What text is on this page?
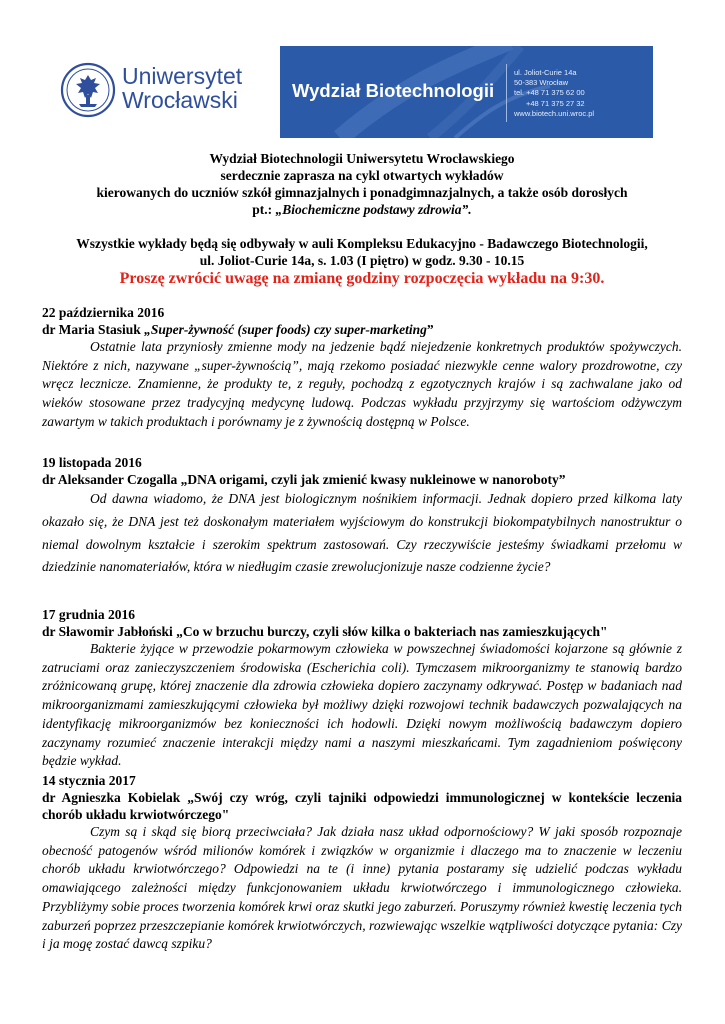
Uniwersytet
Wrocławski	Wydział Biotechnologii
ul. Joliot-Curie 14a
50-383 Wrocław
tel. +48 71 375 62 00
+48 71 375 27 32
www.biotech.uni.wroc.pl

Wydział Biotechnologii Uniwersytetu Wrocławskiego

serdecznie zaprasza na cykl otwartych wykładów

kierowanych do uczniów szkół gimnazjalnych i ponadgimnazjalnych, a także osób dorosłych

pt.: „Biochemiczne podstawy zdrowia”.

Wszystkie wykłady będą się odbywały w auli Kompleksu Edukacyjno - Badawczego Biotechnologii,

ul. Joliot-Curie 14a, s. 1.03 (I piętro) w godz. 9.30 - 10.15

Proszę zwrócić uwagę na zmianę godziny rozpoczęcia wykładu na 9:30.

22 października 2016

dr Maria Stasiuk „Super-żywność (super foods) czy super-marketing”

Ostatnie lata przyniosły zmienne mody na jedzenie bądź niejedzenie konkretnych produktów spożywczych. Niektóre z nich, nazywane „super-żywnością”, mają rzekomo posiadać niezwykle cenne walory prozdrowotne, czy wręcz lecznicze. Znamienne, że produkty te, z reguły, pochodzą z egzotycznych krajów i są zachwalane jako od wieków stosowane przez tradycyjną medycynę ludową. Podczas wykładu przyjrzymy się wartościom odżywczym zawartym w takich produktach i porównamy je z żywnością dostępną w Polsce.

19 listopada 2016

dr Aleksander Czogalla „DNA origami, czyli jak zmienić kwasy nukleinowe w nanoroboty”

Od dawna wiadomo, że DNA jest biologicznym nośnikiem informacji. Jednak dopiero przed kilkoma laty okazało się, że DNA jest też doskonałym materiałem wyjściowym do konstrukcji biokompatybilnych nanostruktur o niemal dowolnym kształcie i szerokim spektrum zastosowań. Czy rzeczywiście jesteśmy świadkami przełomu w dziedzinie nanomateriałów, która w niedługim czasie zrewolucjonizuje nasze codzienne życie?

17 grudnia 2016

dr Sławomir Jabłoński „Co w brzuchu burczy, czyli słów kilka o bakteriach nas zamieszkujących"

Bakterie żyjące w przewodzie pokarmowym człowieka w powszechnej świadomości kojarzone są głównie z zatruciami oraz zanieczyszczeniem środowiska (Escherichia coli). Tymczasem mikroorganizmy te stanowią bardzo zróżnicowaną grupę, której znaczenie dla zdrowia człowieka dopiero zaczynamy odkrywać. Postęp w badaniach nad mikroorganizmami zamieszkującymi człowieka był możliwy dzięki rozwojowi technik badawczych pozwalających na identyfikację mikroorganizmów bez konieczności ich hodowli. Dzięki nowym możliwością badawczym dopiero zaczynamy rozumieć znaczenie interakcji między nami a naszymi mieszkańcami. Tym zagadnieniom poświęcony będzie wykład.

14 stycznia 2017

dr Agnieszka Kobielak „Swój czy wróg, czyli tajniki odpowiedzi immunologicznej w kontekście leczenia chorób układu krwiotwórczego"

Czym są i skąd się biorą przeciwciała? Jak działa nasz układ odpornościowy? W jaki sposób rozpoznaje obecność patogenów wśród milionów komórek i związków w organizmie i dlaczego ma to znaczenie w leczeniu chorób układu krwiotwórczego? Odpowiedzi na te (i inne) pytania postaramy się udzielić podczas wykładu omawiającego zależności między funkcjonowaniem układu krwiotwórczego i immunologicznego człowieka. Przybliżymy sobie proces tworzenia komórek krwi oraz skutki jego zaburzeń. Poruszymy również kwestię leczenia tych zaburzeń poprzez przeszczepianie komórek krwiotwórczych, rozwiewając wszelkie wątpliwości dotyczące pytania: Czy i ja mogę zostać dawcą szpiku?
